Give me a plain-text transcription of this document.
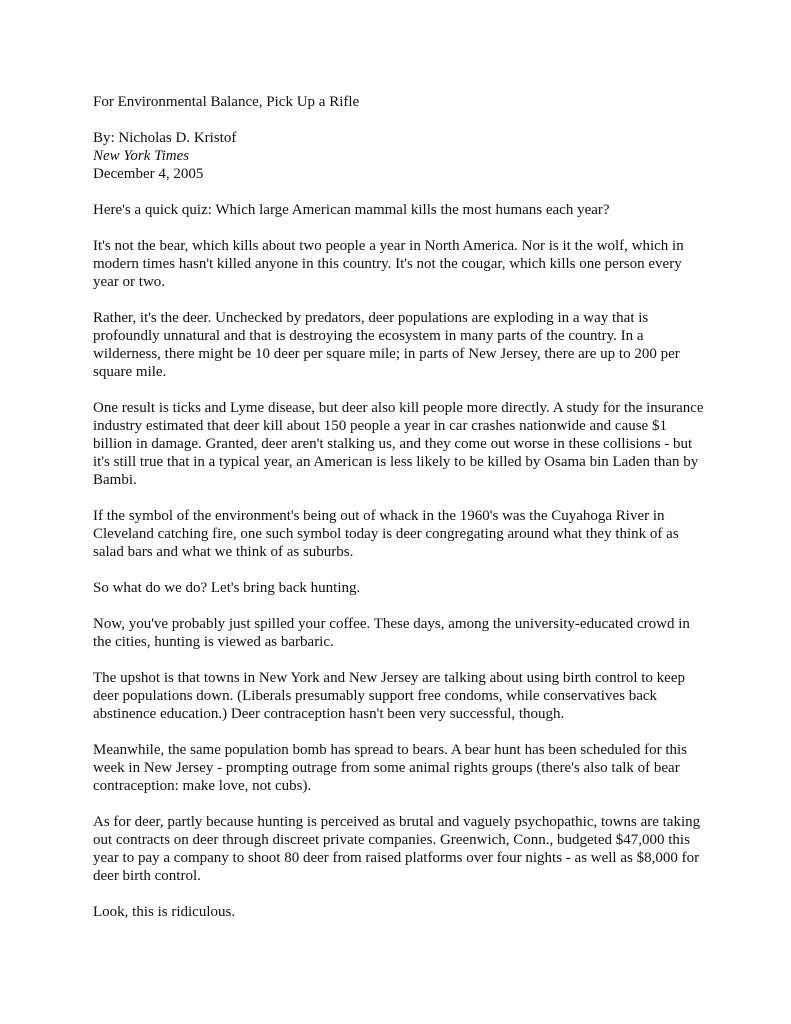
For Environmental Balance, Pick Up a Rifle
By: Nicholas D. Kristof
New York Times
December 4, 2005

Here's a quick quiz: Which large American mammal kills the most humans each year?

It's not the bear, which kills about two people a year in North America. Nor is it the wolf, which in modern times hasn't killed anyone in this country. It's not the cougar, which kills one person every year or two.

Rather, it's the deer. Unchecked by predators, deer populations are exploding in a way that is profoundly unnatural and that is destroying the ecosystem in many parts of the country. In a wilderness, there might be 10 deer per square mile; in parts of New Jersey, there are up to 200 per square mile.

One result is ticks and Lyme disease, but deer also kill people more directly. A study for the insurance industry estimated that deer kill about 150 people a year in car crashes nationwide and cause $1 billion in damage. Granted, deer aren't stalking us, and they come out worse in these collisions - but it's still true that in a typical year, an American is less likely to be killed by Osama bin Laden than by Bambi.

If the symbol of the environment's being out of whack in the 1960's was the Cuyahoga River in Cleveland catching fire, one such symbol today is deer congregating around what they think of as salad bars and what we think of as suburbs.

So what do we do? Let's bring back hunting.

Now, you've probably just spilled your coffee. These days, among the university-educated crowd in the cities, hunting is viewed as barbaric.

The upshot is that towns in New York and New Jersey are talking about using birth control to keep deer populations down. (Liberals presumably support free condoms, while conservatives back abstinence education.) Deer contraception hasn't been very successful, though.

Meanwhile, the same population bomb has spread to bears. A bear hunt has been scheduled for this week in New Jersey - prompting outrage from some animal rights groups (there's also talk of bear contraception: make love, not cubs).

As for deer, partly because hunting is perceived as brutal and vaguely psychopathic, towns are taking out contracts on deer through discreet private companies. Greenwich, Conn., budgeted $47,000 this year to pay a company to shoot 80 deer from raised platforms over four nights - as well as $8,000 for deer birth control.

Look, this is ridiculous.
